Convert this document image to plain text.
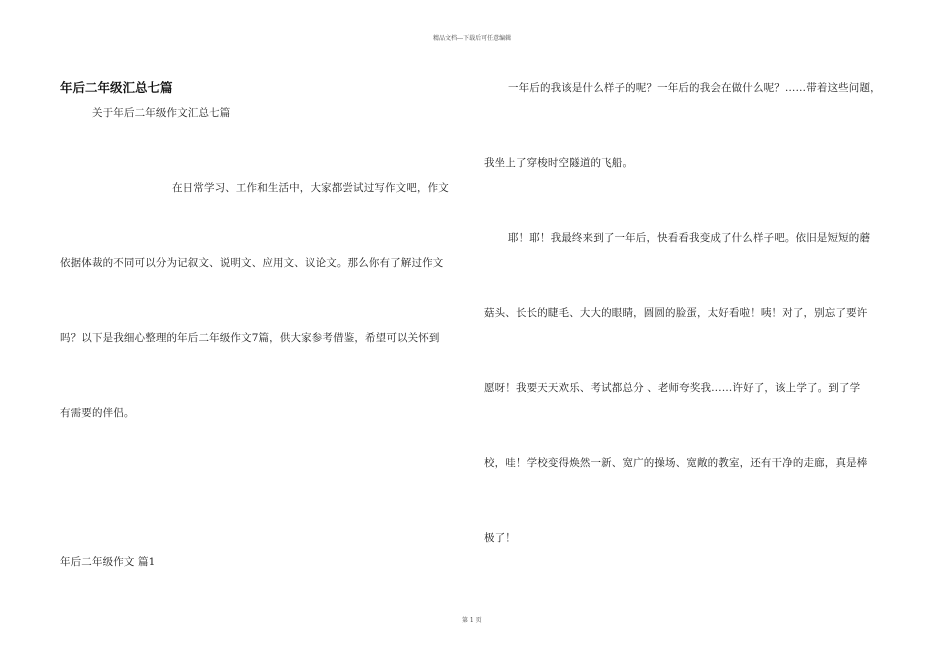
精品文档---下载后可任意编辑
年后二年级汇总七篇
关于年后二年级作文汇总七篇
在日常学习、工作和生活中，大家都尝试过写作文吧，作文
依据体裁的不同可以分为记叙文、说明文、应用文、议论文。那么你有了解过作文
吗？以下是我细心整理的年后二年级作文7篇，供大家参考借鉴，希望可以关怀到
有需要的伴侣。
年后二年级作文 篇1
一年后的我该是什么样子的呢？一年后的我会在做什么呢？……带着这些问题，
我坐上了穿梭时空隧道的飞船。
耶！耶！我最终来到了一年后，快看看我变成了什么样子吧。依旧是短短的蘑
菇头、长长的睫毛、大大的眼睛，圆圆的脸蛋，太好看啦！咦！对了，别忘了要许
愿呀！我要天天欢乐、考试都总分 、老师夸奖我……许好了，该上学了。到了学
校，哇！学校变得焕然一新、宽广的操场、宽敞的教室，还有干净的走廊，真是棒
极了！
第 1 页
